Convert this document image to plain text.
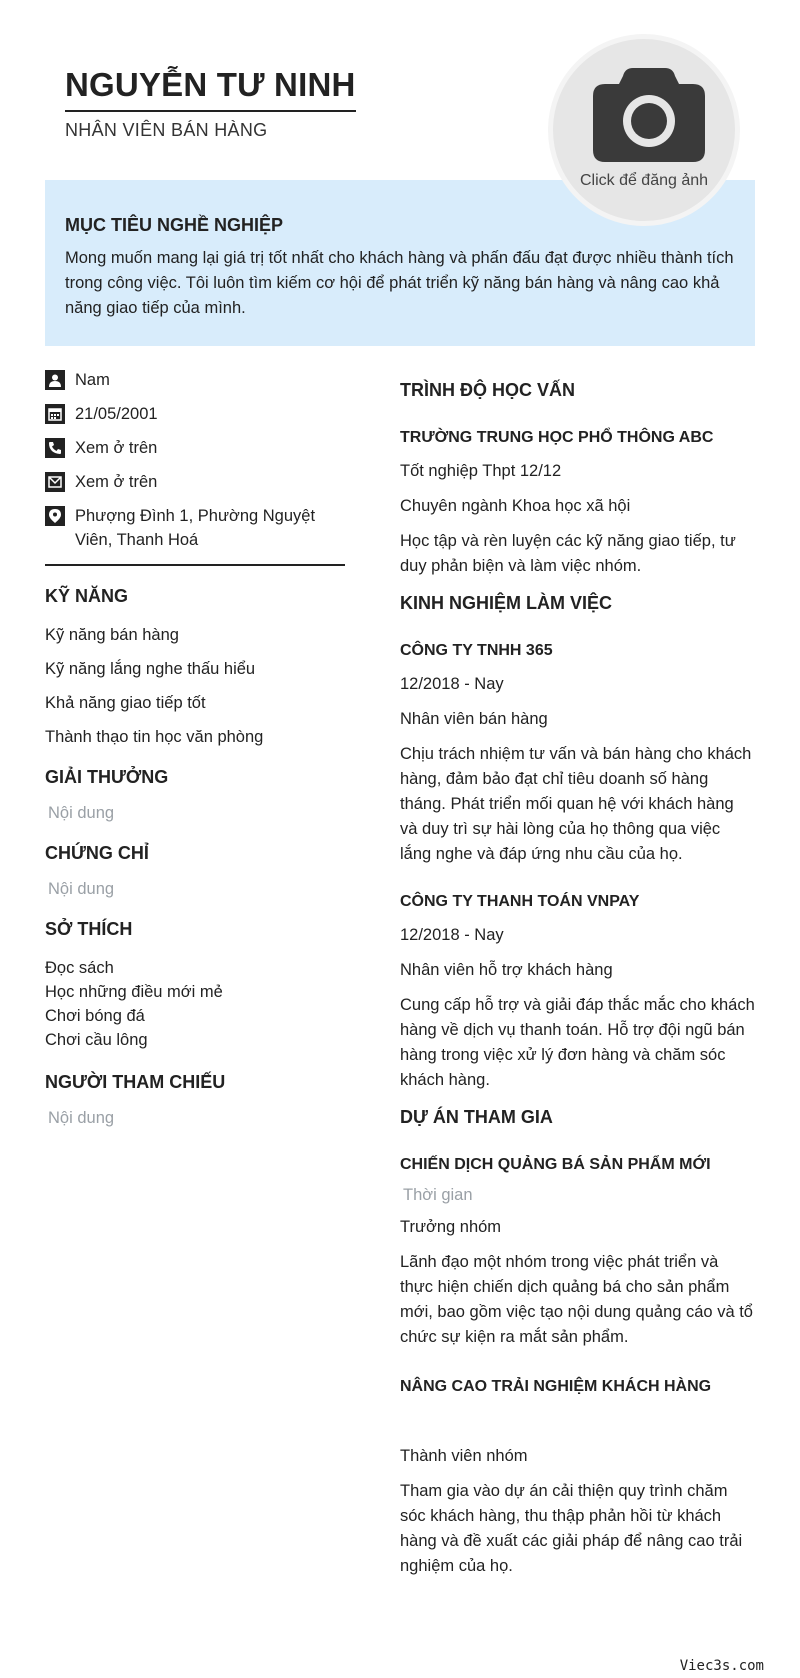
NGUYỄN TƯ NINH
NHÂN VIÊN BÁN HÀNG
Click để đăng ảnh
MỤC TIÊU NGHỀ NGHIỆP

Mong muốn mang lại giá trị tốt nhất cho khách hàng và phấn đấu đạt được nhiều thành tích trong công việc. Tôi luôn tìm kiếm cơ hội để phát triển kỹ năng bán hàng và nâng cao khả năng giao tiếp của mình.

Nam
21/05/2001
Xem ở trên
Xem ở trên
Phượng Đình 1, Phường Nguyệt Viên, Thanh Hoá
KỸ NĂNG
Kỹ năng bán hàng
Kỹ năng lắng nghe thấu hiểu
Khả năng giao tiếp tốt
Thành thạo tin học văn phòng
GIẢI THƯỞNG
Nội dung
CHỨNG CHỈ
Nội dung
SỞ THÍCH
Đọc sách
Học những điều mới mẻ
Chơi bóng đá
Chơi cầu lông
NGƯỜI THAM CHIẾU
Nội dung
TRÌNH ĐỘ HỌC VẤN
TRƯỜNG TRUNG HỌC PHỔ THÔNG ABC
Tốt nghiệp Thpt 12/12
Chuyên ngành Khoa học xã hội
Học tập và rèn luyện các kỹ năng giao tiếp, tư duy phản biện và làm việc nhóm.
KINH NGHIỆM LÀM VIỆC
CÔNG TY TNHH 365
12/2018 - Nay
Nhân viên bán hàng
Chịu trách nhiệm tư vấn và bán hàng cho khách hàng, đảm bảo đạt chỉ tiêu doanh số hàng tháng. Phát triển mối quan hệ với khách hàng và duy trì sự hài lòng của họ thông qua việc lắng nghe và đáp ứng nhu cầu của họ.
CÔNG TY THANH TOÁN VNPAY
12/2018 - Nay
Nhân viên hỗ trợ khách hàng
Cung cấp hỗ trợ và giải đáp thắc mắc cho khách hàng về dịch vụ thanh toán. Hỗ trợ đội ngũ bán hàng trong việc xử lý đơn hàng và chăm sóc khách hàng.
DỰ ÁN THAM GIA
CHIẾN DỊCH QUẢNG BÁ SẢN PHẨM MỚI
Thời gian
Trưởng nhóm
Lãnh đạo một nhóm trong việc phát triển và thực hiện chiến dịch quảng bá cho sản phẩm mới, bao gồm việc tạo nội dung quảng cáo và tổ chức sự kiện ra mắt sản phẩm.
NÂNG CAO TRẢI NGHIỆM KHÁCH HÀNG
Thành viên nhóm
Tham gia vào dự án cải thiện quy trình chăm sóc khách hàng, thu thập phản hồi từ khách hàng và đề xuất các giải pháp để nâng cao trải nghiệm của họ.
Viec3s.com
